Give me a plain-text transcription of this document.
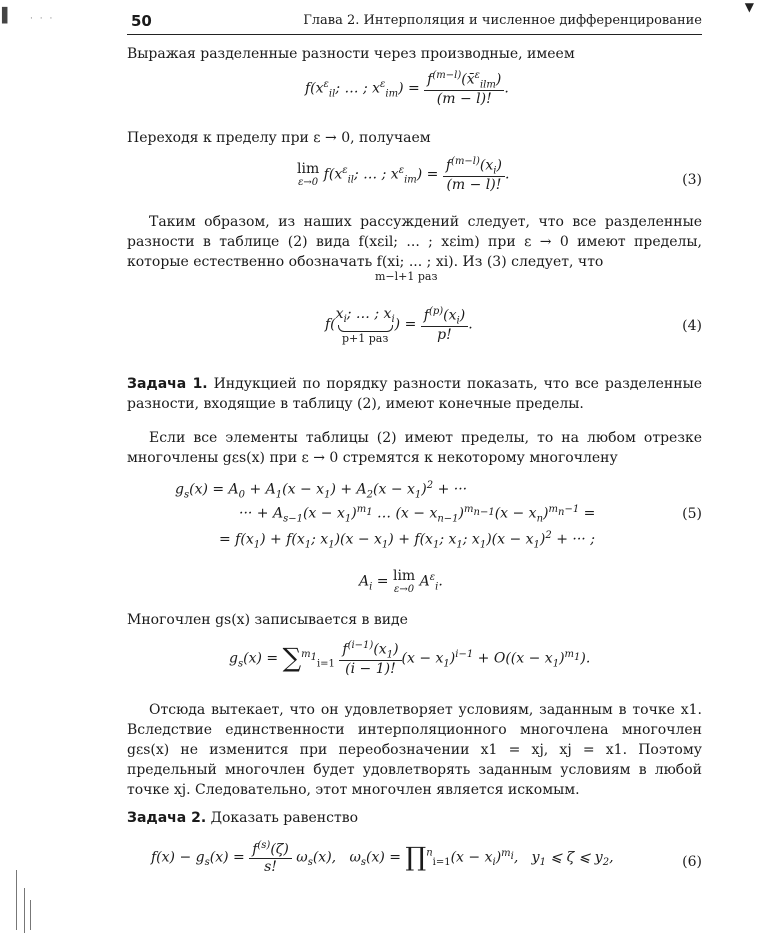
▌ · · ·
▼
50	Глава 2. Интерполяция и численное дифференцирование

Выражая разделенные разности через производные, имеем

$f(x^\varepsilon_{il}$; … ; $x^\varepsilon_{im}) = \frac{f^{(m-l)}(x̄^\varepsilon_{ilm})}{(m - l)!}$ .

Переходя к пределу при ε → 0, получаем

lim
ε→0 $f(x^\varepsilon_{il}$; … ; $x^\varepsilon_{im}) = \frac{f^{(m-l)}(x_i)}{(m - l)!}$ .	(3)

Таким образом, из наших рассуждений следует, что все разделенные разности в таблице (2) вида f(xεil; ... ; xεim) при ε → 0 имеют пределы, которые естественно обозначать f(xi; ... ; xi). Из (3) следует, что

m−l+1 раз
f(
$x_i$; … ; $x_i$
p+1 раз
) = $\frac{f^{(p)}(x_i)}{p!}$ .	(4)

Задача 1. Индукцией по порядку разности показать, что все разделенные разности, входящие в таблицу (2), имеют конечные пределы.

Если все элементы таблицы (2) имеют пределы, то на любом отрезке многочлены gεs(x) при ε → 0 стремятся к некоторому многочлену

$g_s(x) = A_0 + A_1(x - x_1) + A_2(x - x_1)^2$ + ···
··· + $A_{s-1}(x - x_1)^{m_1}$ … $(x - x_{n-1})^{m_{n-1}}(x - x_n)^{m_n-1}$ =	(5)
= $f(x_1) + f(x_1$; $x_1)(x - x_1) + f(x_1$; $x_1$; $x_1)(x - x_1)^2$ + ··· ;
$A_i = \lim$
ε→0 $A^\varepsilon_i$.

Многочлен gs(x) записывается в виде

$g_s(x) = \sum^{m_1}_{i=1} \frac{f^{(i-1)}(x_1)}{(i - 1)!} (x - x_1)^{i-1} + O((x - x_1)^{m_1})$.

Отсюда вытекает, что он удовлетворяет условиям, заданным в точке x1. Вследствие единственности интерполяционного многочлена многочлен gεs(x) не изменится при переобозначении x1 = xj, xj = x1. Поэтому предельный многочлен будет удовлетворять заданным условиям в любой точке xj. Следовательно, этот многочлен является искомым.

Задача 2. Доказать равенство

$f(x) - g_s(x) = \frac{f^{(s)}(\zeta)}{s!} \omega_s(x)$,   $\omega_s(x)$ = ∏$^n_{i=1}$(x − $x_i)^{m_i}$,   $y_1$ ⩽ ζ ⩽ $y_2$,	(6)
